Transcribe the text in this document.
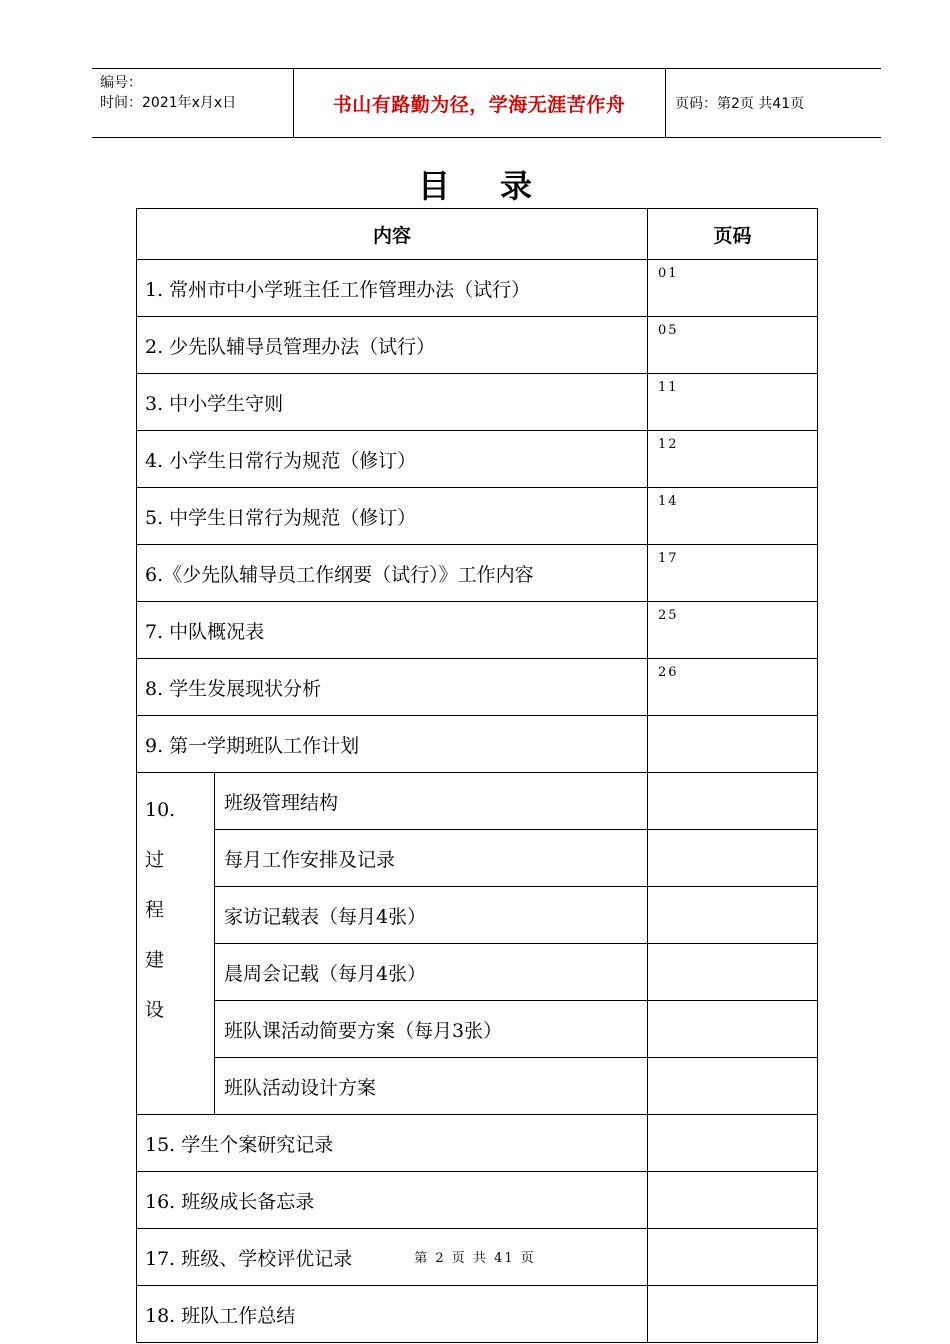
编号：
时间：2021年x月x日	书山有路勤为径，学海无涯苦作舟	页码：第2页 共41页
目录
内容		页码
1. 常州市中小学班主任工作管理办法（试行）		01
2. 少先队辅导员管理办法（试行）		05
3. 中小学生守则		11
4. 小学生日常行为规范（修订）		12
5. 中学生日常行为规范（修订）		14
6.《少先队辅导员工作纲要（试行）》工作内容		17
7. 中队概况表		25
8. 学生发展现状分析		26
9. 第一学期班队工作计划		

10.
过
程
建
设	班级管理结构	
	每月工作安排及记录	
	家访记载表（每月4张）	
	晨周会记载（每月4张）	
	班队课活动简要方案（每月3张）	
	班队活动设计方案	
15. 学生个案研究记录		
16. 班级成长备忘录		
17. 班级、学校评优记录		
18. 班队工作总结		
第 2 页 共 41 页
